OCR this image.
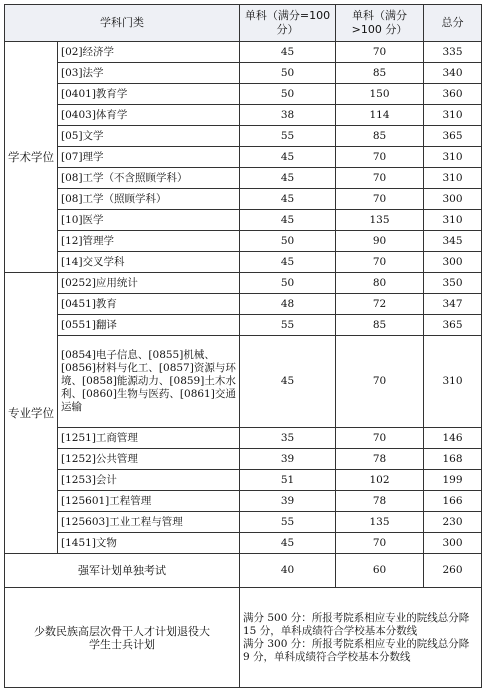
学科门类		单科（满分=100 分）	单科（满分>100 分）	总分
学术学位	[02]经济学	45	70	335
	[03]法学	50	85	340
	[0401]教育学	50	150	360
	[0403]体育学	38	114	310
	[05]文学	55	85	365
	[07]理学	45	70	310
	[08]工学（不含照顾学科）	45	70	310
	[08]工学（照顾学科）	45	70	300
	[10]医学	45	135	310
	[12]管理学	50	90	345
	[14]交叉学科	45	70	300
专业学位	[0252]应用统计	50	80	350
	[0451]教育	48	72	347
	[0551]翻译	55	85	365
	[0854]电子信息、[0855]机械、[0856]材料与化工、[0857]资源与环境、[0858]能源动力、[0859]土木水利、[0860]生物与医药、[0861]交通运输	45	70	310
	[1251]工商管理	35	70	146
	[1252]公共管理	39	78	168
	[1253]会计	51	102	199
	[125601]工程管理	39	78	166
	[125603]工业工程与管理	55	135	230
	[1451]文物	45	70	300
强军计划单独考试		40	60	260
少数民族高层次骨干人才计划退役大学生士兵计划		满分 500 分：所报考院系相应专业的院线总分降 15 分，单科成绩符合学校基本分数线

满分 300 分：所报考院系相应专业的院线总分降 9 分，单科成绩符合学校基本分数线		
